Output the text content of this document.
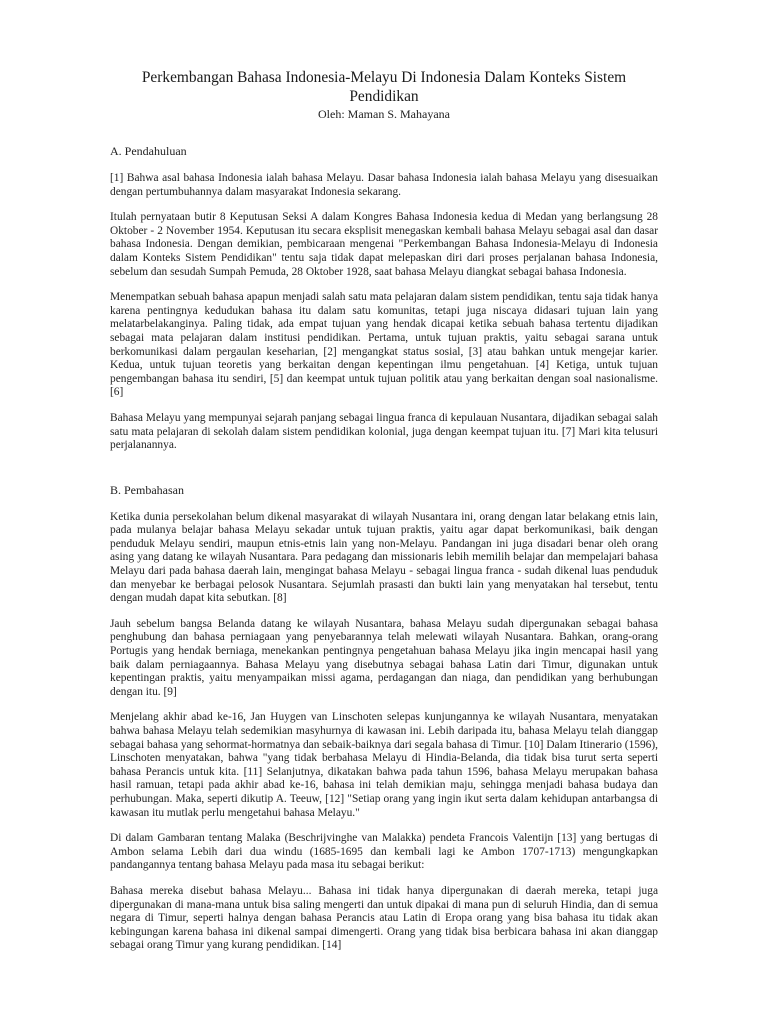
Perkembangan Bahasa Indonesia-Melayu Di Indonesia Dalam Konteks Sistem Pendidikan
Oleh: Maman S. Mahayana
A. Pendahuluan

[1] Bahwa asal bahasa Indonesia ialah bahasa Melayu. Dasar bahasa Indonesia ialah bahasa Melayu yang disesuaikan dengan pertumbuhannya dalam masyarakat Indonesia sekarang.

Itulah pernyataan butir 8 Keputusan Seksi A dalam Kongres Bahasa Indonesia kedua di Medan yang berlangsung 28 Oktober - 2 November 1954. Keputusan itu secara eksplisit menegaskan kembali bahasa Melayu sebagai asal dan dasar bahasa Indonesia. Dengan demikian, pembicaraan mengenai "Perkembangan Bahasa Indonesia-Melayu di Indonesia dalam Konteks Sistem Pendidikan" tentu saja tidak dapat melepaskan diri dari proses perjalanan bahasa Indonesia, sebelum dan sesudah Sumpah Pemuda, 28 Oktober 1928, saat bahasa Melayu diangkat sebagai bahasa Indonesia.

Menempatkan sebuah bahasa apapun menjadi salah satu mata pelajaran dalam sistem pendidikan, tentu saja tidak hanya karena pentingnya kedudukan bahasa itu dalam satu komunitas, tetapi juga niscaya didasari tujuan lain yang melatarbelakanginya. Paling tidak, ada empat tujuan yang hendak dicapai ketika sebuah bahasa tertentu dijadikan sebagai mata pelajaran dalam institusi pendidikan. Pertama, untuk tujuan praktis, yaitu sebagai sarana untuk berkomunikasi dalam pergaulan keseharian, [2] mengangkat status sosial, [3] atau bahkan untuk mengejar karier. Kedua, untuk tujuan teoretis yang berkaitan dengan kepentingan ilmu pengetahuan. [4] Ketiga, untuk tujuan pengembangan bahasa itu sendiri, [5] dan keempat untuk tujuan politik atau yang berkaitan dengan soal nasionalisme. [6]

Bahasa Melayu yang mempunyai sejarah panjang sebagai lingua franca di kepulauan Nusantara, dijadikan sebagai salah satu mata pelajaran di sekolah dalam sistem pendidikan kolonial, juga dengan keempat tujuan itu. [7] Mari kita telusuri perjalanannya.

B. Pembahasan

Ketika dunia persekolahan belum dikenal masyarakat di wilayah Nusantara ini, orang dengan latar belakang etnis lain, pada mulanya belajar bahasa Melayu sekadar untuk tujuan praktis, yaitu agar dapat berkomunikasi, baik dengan penduduk Melayu sendiri, maupun etnis-etnis lain yang non-Melayu. Pandangan ini juga disadari benar oleh orang asing yang datang ke wilayah Nusantara. Para pedagang dan missionaris lebih memilih belajar dan mempelajari bahasa Melayu dari pada bahasa daerah lain, mengingat bahasa Melayu - sebagai lingua franca - sudah dikenal luas penduduk dan menyebar ke berbagai pelosok Nusantara. Sejumlah prasasti dan bukti lain yang menyatakan hal tersebut, tentu dengan mudah dapat kita sebutkan. [8]

Jauh sebelum bangsa Belanda datang ke wilayah Nusantara, bahasa Melayu sudah dipergunakan sebagai bahasa penghubung dan bahasa perniagaan yang penyebarannya telah melewati wilayah Nusantara. Bahkan, orang-orang Portugis yang hendak berniaga, menekankan pentingnya pengetahuan bahasa Melayu jika ingin mencapai hasil yang baik dalam perniagaannya. Bahasa Melayu yang disebutnya sebagai bahasa Latin dari Timur, digunakan untuk kepentingan praktis, yaitu menyampaikan missi agama, perdagangan dan niaga, dan pendidikan yang berhubungan dengan itu. [9]

Menjelang akhir abad ke-16, Jan Huygen van Linschoten selepas kunjungannya ke wilayah Nusantara, menyatakan bahwa bahasa Melayu telah sedemikian masyhurnya di kawasan ini. Lebih daripada itu, bahasa Melayu telah dianggap sebagai bahasa yang sehormat-hormatnya dan sebaik-baiknya dari segala bahasa di Timur. [10] Dalam Itinerario (1596), Linschoten menyatakan, bahwa "yang tidak berbahasa Melayu di Hindia-Belanda, dia tidak bisa turut serta seperti bahasa Perancis untuk kita. [11] Selanjutnya, dikatakan bahwa pada tahun 1596, bahasa Melayu merupakan bahasa hasil ramuan, tetapi pada akhir abad ke-16, bahasa ini telah demikian maju, sehingga menjadi bahasa budaya dan perhubungan. Maka, seperti dikutip A. Teeuw, [12] "Setiap orang yang ingin ikut serta dalam kehidupan antarbangsa di kawasan itu mutlak perlu mengetahui bahasa Melayu."

Di dalam Gambaran tentang Malaka (Beschrijvinghe van Malakka) pendeta Francois Valentijn [13] yang bertugas di Ambon selama Lebih dari dua windu (1685-1695 dan kembali lagi ke Ambon 1707-1713) mengungkapkan pandangannya tentang bahasa Melayu pada masa itu sebagai berikut:

Bahasa mereka disebut bahasa Melayu... Bahasa ini tidak hanya dipergunakan di daerah mereka, tetapi juga dipergunakan di mana-mana untuk bisa saling mengerti dan untuk dipakai di mana pun di seluruh Hindia, dan di semua negara di Timur, seperti halnya dengan bahasa Perancis atau Latin di Eropa orang yang bisa bahasa itu tidak akan kebingungan karena bahasa ini dikenal sampai dimengerti. Orang yang tidak bisa berbicara bahasa ini akan dianggap sebagai orang Timur yang kurang pendidikan. [14]
